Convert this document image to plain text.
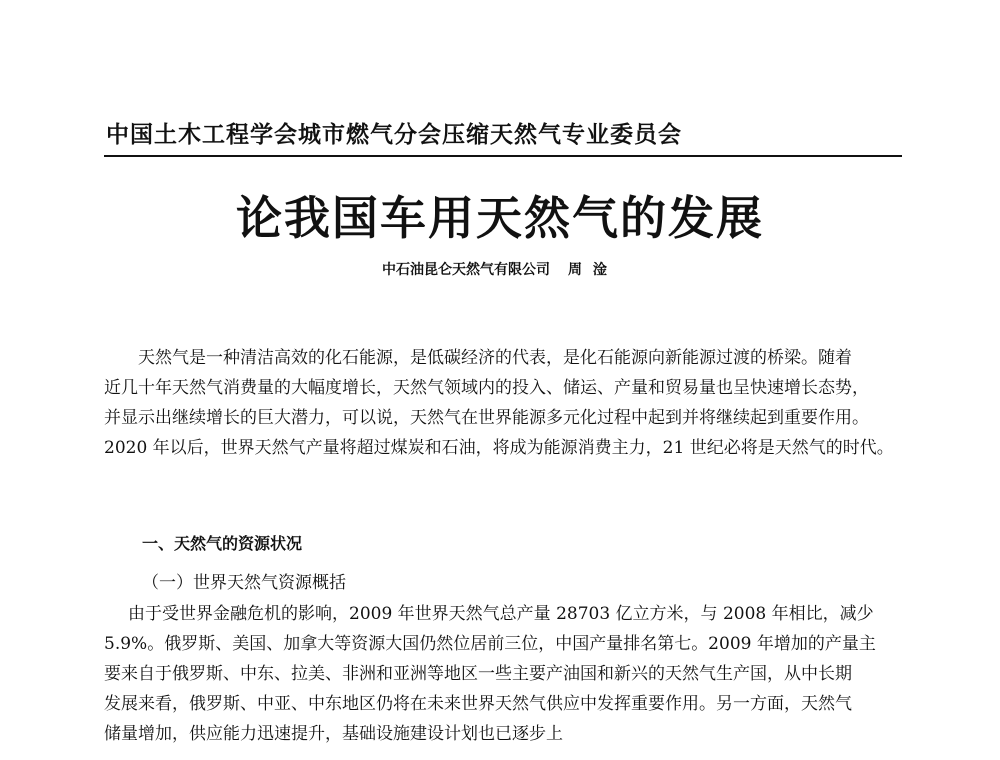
中国土木工程学会城市燃气分会压缩天然气专业委员会
论我国车用天然气的发展
中石油昆仑天然气有限公司 周 淦
天然气是一种清洁高效的化石能源，是低碳经济的代表，是化石能源向新能源过渡的桥梁。随着
近几十年天然气消费量的大幅度增长，天然气领域内的投入、储运、产量和贸易量也呈快速增长态势，
并显示出继续增长的巨大潜力，可以说，天然气在世界能源多元化过程中起到并将继续起到重要作用。
2020 年以后，世界天然气产量将超过煤炭和石油，将成为能源消费主力，21 世纪必将是天然气的时代。
一、天然气的资源状况
（一）世界天然气资源概括
由于受世界金融危机的影响，2009 年世界天然气总产量 28703 亿立方米，与 2008 年相比，减少
5.9%。俄罗斯、美国、加拿大等资源大国仍然位居前三位，中国产量排名第七。2009 年增加的产量主
要来自于俄罗斯、中东、拉美、非洲和亚洲等地区一些主要产油国和新兴的天然气生产国，从中长期
发展来看，俄罗斯、中亚、中东地区仍将在未来世界天然气供应中发挥重要作用。另一方面，天然气
储量增加，供应能力迅速提升，基础设施建设计划也已逐步上
